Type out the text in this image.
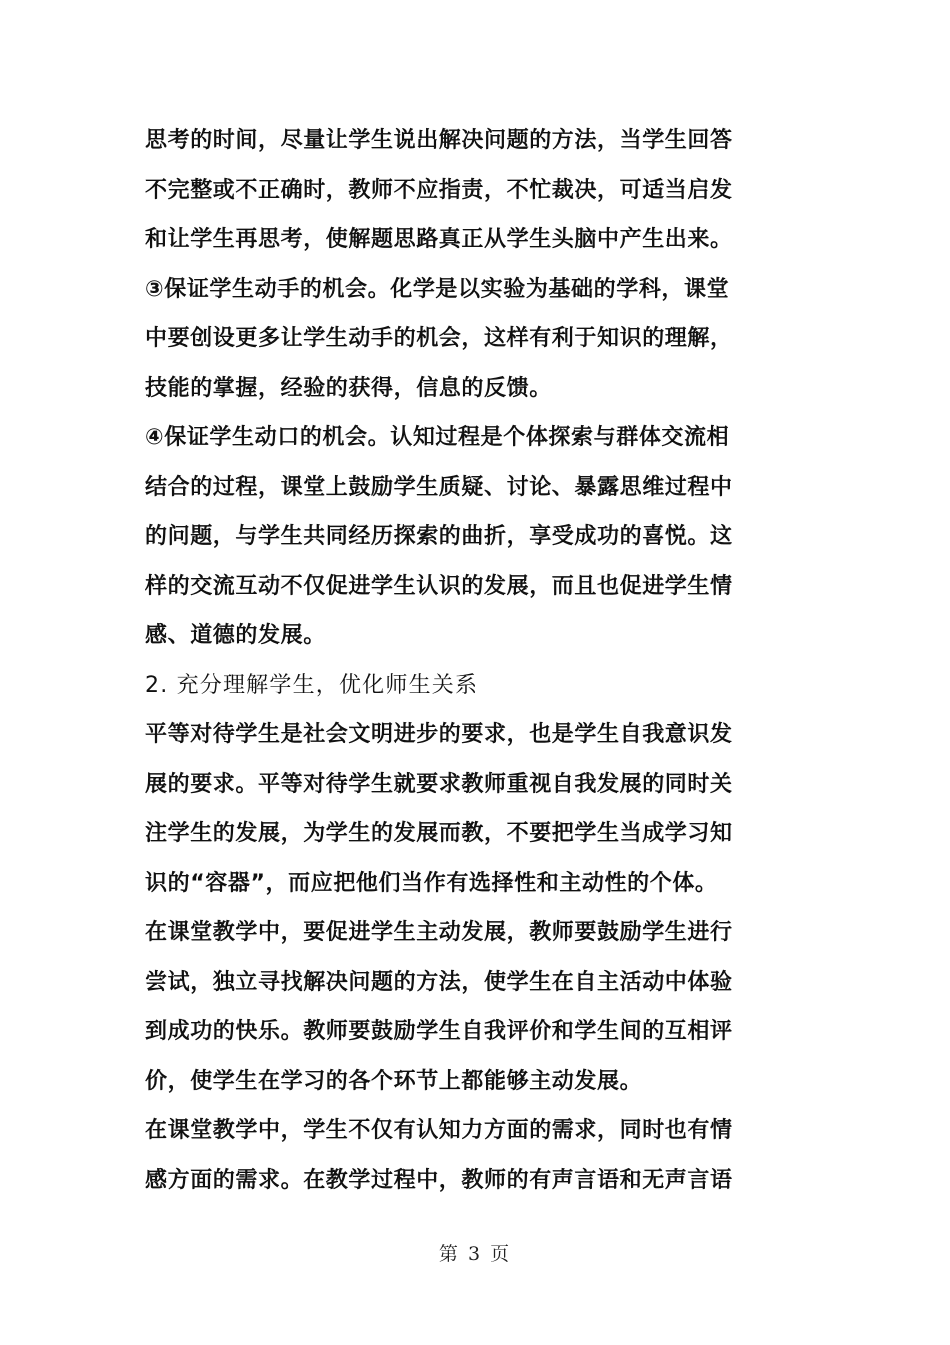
思考的时间，尽量让学生说出解决问题的方法，当学生回答
不完整或不正确时，教师不应指责，不忙裁决，可适当启发
和让学生再思考，使解题思路真正从学生头脑中产生出来。
③保证学生动手的机会。化学是以实验为基础的学科，课堂
中要创设更多让学生动手的机会，这样有利于知识的理解，
技能的掌握，经验的获得，信息的反馈。
④保证学生动口的机会。认知过程是个体探索与群体交流相
结合的过程，课堂上鼓励学生质疑、讨论、暴露思维过程中
的问题，与学生共同经历探索的曲折，享受成功的喜悦。这
样的交流互动不仅促进学生认识的发展，而且也促进学生情
感、道德的发展。
2. 充分理解学生，优化师生关系
平等对待学生是社会文明进步的要求，也是学生自我意识发
展的要求。平等对待学生就要求教师重视自我发展的同时关
注学生的发展，为学生的发展而教，不要把学生当成学习知
识的“容器”，而应把他们当作有选择性和主动性的个体。
在课堂教学中，要促进学生主动发展，教师要鼓励学生进行
尝试，独立寻找解决问题的方法，使学生在自主活动中体验
到成功的快乐。教师要鼓励学生自我评价和学生间的互相评
价，使学生在学习的各个环节上都能够主动发展。
在课堂教学中，学生不仅有认知力方面的需求，同时也有情
感方面的需求。在教学过程中，教师的有声言语和无声言语
第 3 页
